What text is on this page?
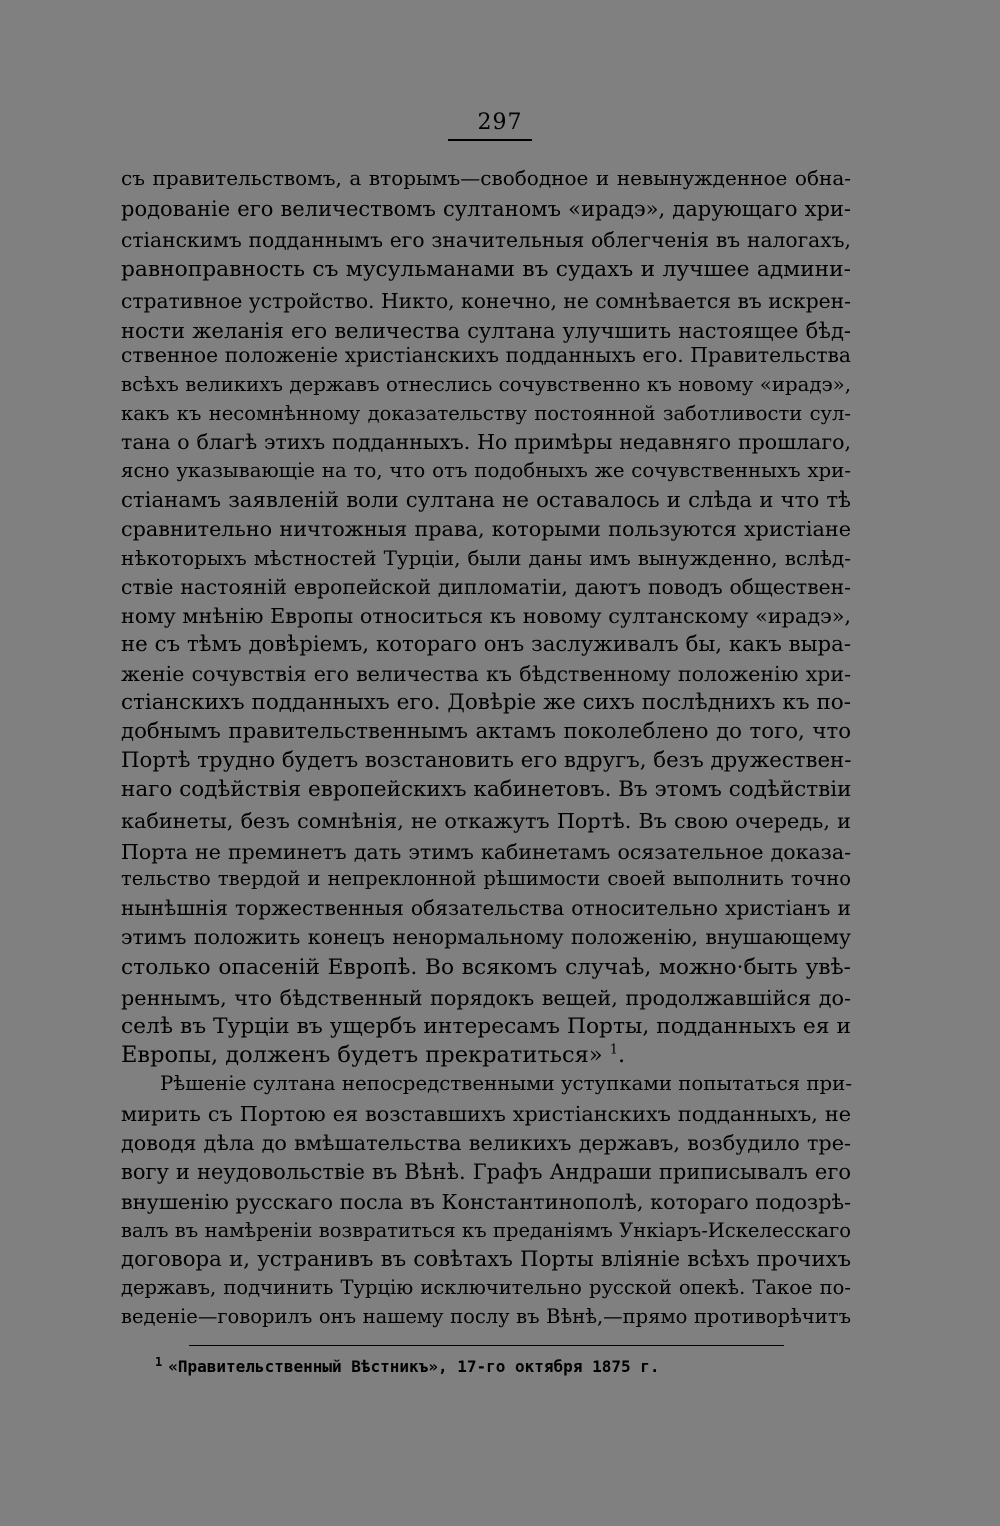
297
съ правительствомъ, а вторымъ—свободное и невынужденное обна-
родованіе его величествомъ султаномъ «ирадэ», дарующаго хри-
стіанскимъ подданнымъ его значительныя облегченія въ налогахъ,
равноправность съ мусульманами въ судахъ и лучшее админи-
стративное устройство. Никто, конечно, не сомнѣвается въ искрен-
ности желанія его величества султана улучшить настоящее бѣд-
ственное положеніе христіанскихъ подданныхъ его. Правительства
всѣхъ великихъ державъ отнеслись сочувственно къ новому «ирадэ»,
какъ къ несомнѣнному доказательству постоянной заботливости сул-
тана о благѣ этихъ подданныхъ. Но примѣры недавняго прошлаго,
ясно указывающіе на то, что отъ подобныхъ же сочувственныхъ хри-
стіанамъ заявленій воли султана не оставалось и слѣда и что тѣ
сравнительно ничтожныя права, которыми пользуются христіане
нѣкоторыхъ мѣстностей Турціи, были даны имъ вынужденно, вслѣд-
ствіе настояній европейской дипломатіи, даютъ поводъ обществен-
ному мнѣнію Европы относиться къ новому султанскому «ирадэ»,
не съ тѣмъ довѣріемъ, котораго онъ заслуживалъ бы, какъ выра-
женіе сочувствія его величества къ бѣдственному положенію хри-
стіанскихъ подданныхъ его. Довѣріе же сихъ послѣднихъ къ по-
добнымъ правительственнымъ актамъ поколеблено до того, что
Портѣ трудно будетъ возстановить его вдругъ, безъ дружествен-
наго содѣйствія европейскихъ кабинетовъ. Въ этомъ содѣйствіи
кабинеты, безъ сомнѣнія, не откажутъ Портѣ. Въ свою очередь, и
Порта не преминетъ дать этимъ кабинетамъ осязательное доказа-
тельство твердой и непреклонной рѣшимости своей выполнить точно
нынѣшнія торжественныя обязательства относительно христіанъ и
этимъ положить конецъ ненормальному положенію, внушающему
столько опасеній Европѣ. Во всякомъ случаѣ, можно·быть увѣ-
реннымъ, что бѣдственный порядокъ вещей, продолжавшійся до-
селѣ въ Турціи въ ущербъ интересамъ Порты, подданныхъ ея и
Европы, долженъ будетъ прекратиться» $^1$.
Рѣшеніе султана непосредственными уступками попытаться при-
мирить съ Портою ея возставшихъ христіанскихъ подданныхъ, не
доводя дѣла до вмѣшательства великихъ державъ, возбудило тре-
вогу и неудовольствіе въ Вѣнѣ. Графъ Андраши приписывалъ его
внушенію русскаго посла въ Константинополѣ, котораго подозрѣ-
валъ въ намѣреніи возвратиться къ преданіямъ Ункіаръ-Искелесскаго
договора и, устранивъ въ совѣтахъ Порты вліяніе всѣхъ прочихъ
державъ, подчинить Турцію исключительно русской опекѣ. Такое по-
веденіе—говорилъ онъ нашему послу въ Вѣнѣ,—прямо противорѣчитъ
$^1$ «Правительственный Вѣстникъ», 17-го октября 1875 г.
